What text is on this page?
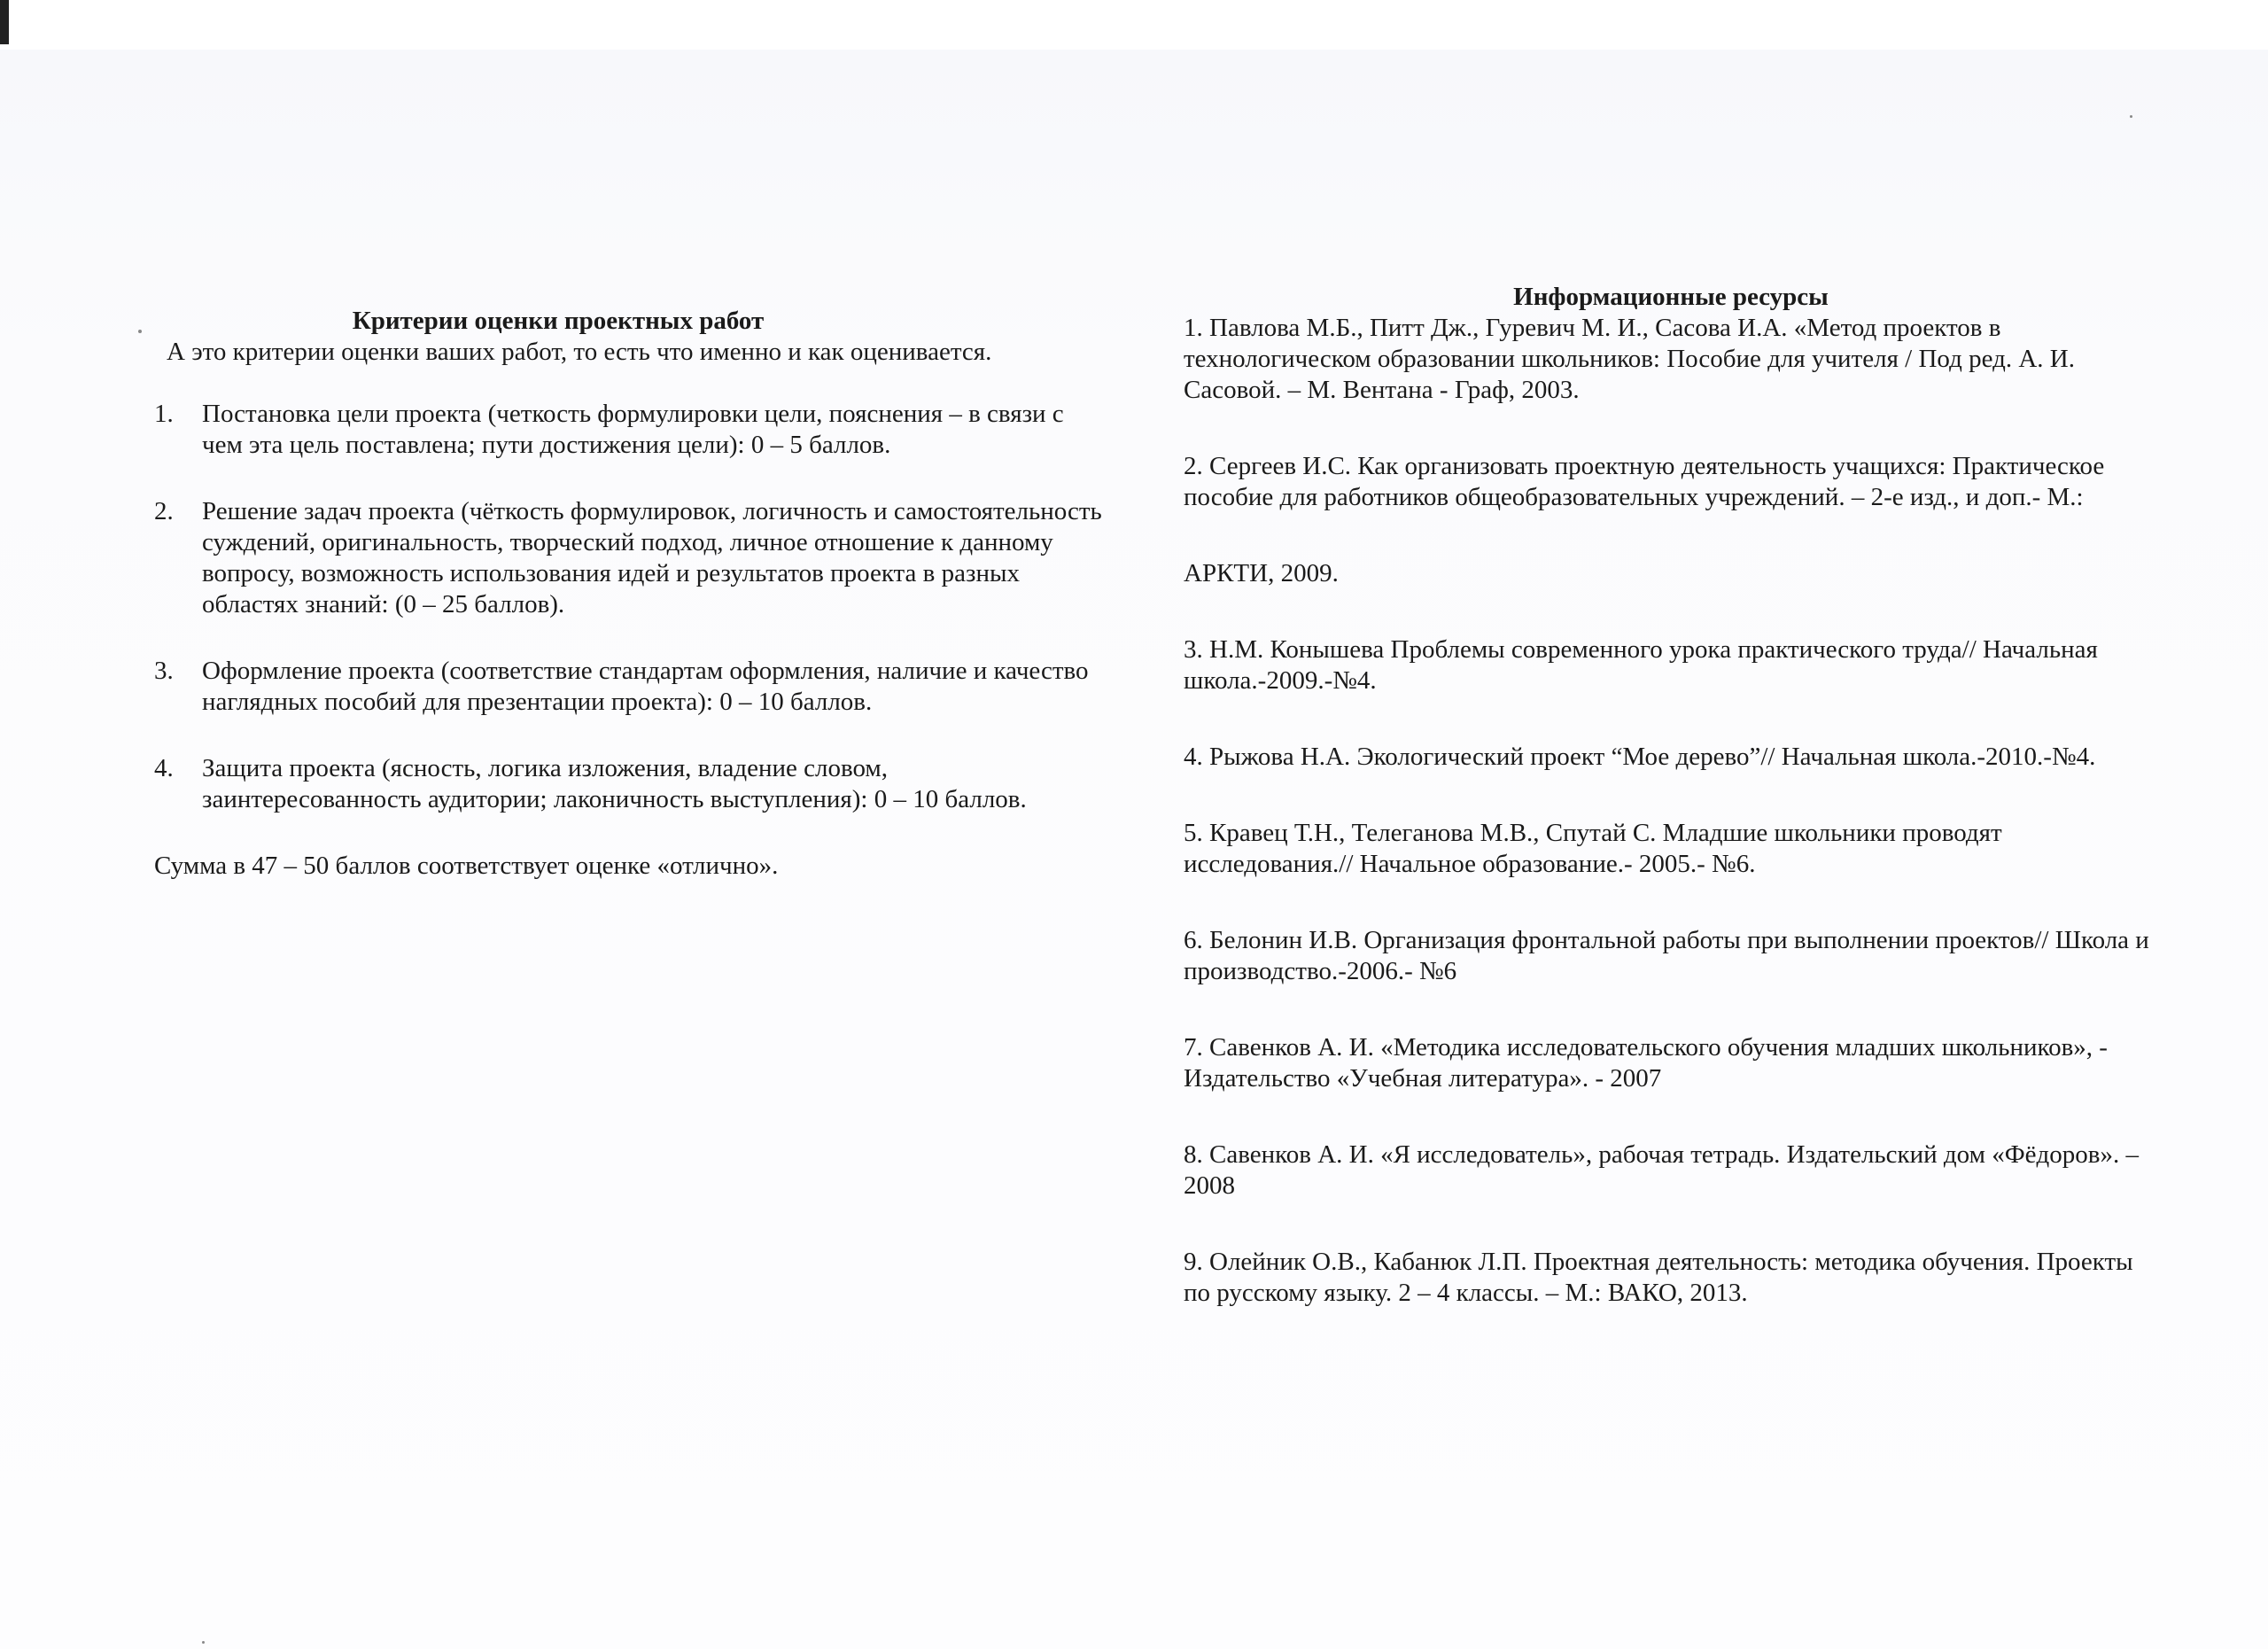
Критерии оценки проектных работ

А это критерии оценки ваших работ, то есть что именно и как оценивается.

1. Постановка цели проекта (четкость формулировки цели, пояснения – в связи с чем эта цель поставлена; пути достижения цели): 0 – 5 баллов.
2. Решение задач проекта (чёткость формулировок, логичность и самостоятельность суждений, оригинальность, творческий подход, личное отношение к данному вопросу, возможность использования идей и результатов проекта в разных областях знаний: (0 – 25 баллов).
3. Оформление проекта (соответствие стандартам оформления, наличие и качество наглядных пособий для презентации проекта): 0 – 10 баллов.
4. Защита проекта (ясность, логика изложения, владение словом, заинтересованность аудитории; лаконичность выступления): 0 – 10 баллов.

Сумма в 47 – 50 баллов соответствует оценке «отлично».

Информационные ресурсы

1. Павлова М.Б., Питт Дж., Гуревич М. И., Сасова И.А. «Метод проектов в технологическом образовании школьников: Пособие для учителя / Под ред. А. И. Сасовой. – М. Вентана - Граф, 2003.

2. Сергеев И.С. Как организовать проектную деятельность учащихся: Практическое пособие для работников общеобразовательных учреждений. – 2-е изд., и доп.- М.:

АРКТИ, 2009.

3. Н.М. Конышева Проблемы современного урока практического труда// Начальная школа.-2009.-№4.

4. Рыжова Н.А. Экологический проект “Мое дерево”// Начальная школа.-2010.-№4.

5. Кравец Т.Н., Телеганова М.В., Спутай С. Младшие школьники проводят исследования.// Начальное образование.- 2005.- №6.

6. Белонин И.В. Организация фронтальной работы при выполнении проектов// Школа и производство.-2006.- №6

7. Савенков А. И. «Методика исследовательского обучения младших школьников», - Издательство «Учебная литература». - 2007

8. Савенков А. И. «Я исследователь», рабочая тетрадь. Издательский дом «Фёдоров». – 2008

9. Олейник О.В., Кабанюк Л.П. Проектная деятельность: методика обучения. Проекты по русскому языку. 2 – 4 классы. – М.: ВАКО, 2013.
